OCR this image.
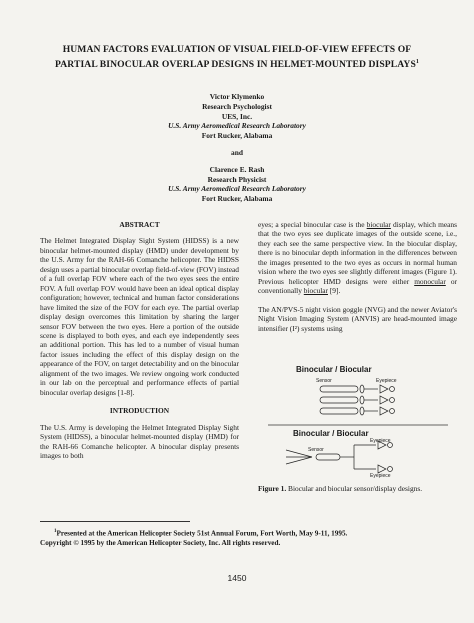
HUMAN FACTORS EVALUATION OF VISUAL FIELD-OF-VIEW EFFECTS OF
PARTIAL BINOCULAR OVERLAP DESIGNS IN HELMET-MOUNTED DISPLAYS$^1$
Victor Klymenko
Research Psychologist
UES, Inc.
U.S. Army Aeromedical Research Laboratory
Fort Rucker, Alabama
and
Clarence E. Rash
Research Physicist
U.S. Army Aeromedical Research Laboratory
Fort Rucker, Alabama
ABSTRACT
The Helmet Integrated Display Sight System (HIDSS) is a new binocular helmet-mounted display (HMD) under development by the U.S. Army for the RAH-66 Comanche helicopter. The HIDSS design uses a partial binocular overlap field-of-view (FOV) instead of a full overlap FOV where each of the two eyes sees the entire FOV. A full overlap FOV would have been an ideal optical display configuration; however, technical and human factor considerations have limited the size of the FOV for each eye. The partial overlap display design overcomes this limitation by sharing the larger sensor FOV between the two eyes. Here a portion of the outside scene is displayed to both eyes, and each eye independently sees an additional portion. This has led to a number of visual human factor issues including the effect of this display design on the appearance of the FOV, on target detectability and on the binocular alignment of the two images. We review ongoing work conducted in our lab on the perceptual and performance effects of partial binocular overlap designs [1-8].
INTRODUCTION
The U.S. Army is developing the Helmet Integrated Display Sight System (HIDSS), a binocular helmet-mounted display (HMD) for the RAH-66 Comanche helicopter. A binocular display presents images to both
eyes; a special binocular case is the biocular display, which means that the two eyes see duplicate images of the outside scene, i.e., they each see the same perspective view. In the biocular display, there is no binocular depth information in the differences between the images presented to the two eyes as occurs in normal human vision where the two eyes see slightly different images (Figure 1). Previous helicopter HMD designs were either monocular or conventionally biocular [9].
The AN/PVS-5 night vision goggle (NVG) and the newer Aviator's Night Vision Imaging System (ANVIS) are head-mounted image intensifier (I²) systems using
Binocular / Biocular
Sensor	Eyepiece
Binocular / Biocular
Sensor
Eyepiece
Eyepiece
Figure 1. Biocular and biocular sensor/display designs.
$^1$Presented at the American Helicopter Society 51st Annual Forum, Fort Worth, May 9-11, 1995.
Copyright © 1995 by the American Helicopter Society, Inc. All rights reserved.
1450
